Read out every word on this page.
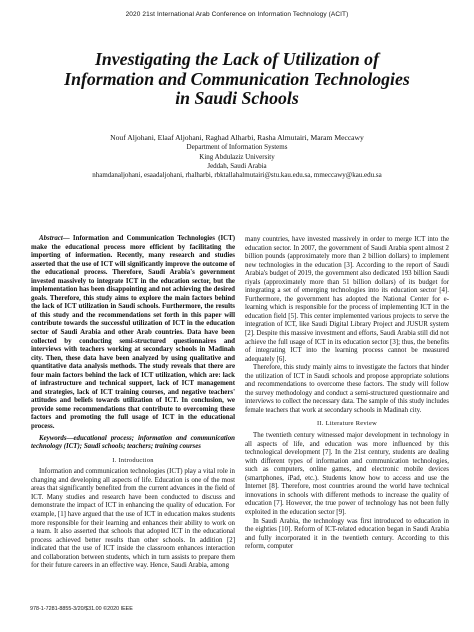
2020 21st International Arab Conference on Information Technology (ACIT)
Investigating the Lack of Utilization of
Information and Communication Technologies
in Saudi Schools
Nouf Aljohani, Elaaf Aljohani, Raghad Alharbi, Rasha Almutairi, Maram Meccawy
Department of Information Systems
King Abdulaziz University
Jeddah, Saudi Arabia
nhamdanaljohani, esaadaljohani, rhalharbi, rbktallahalmutairi@stu.kau.edu.sa, mmeccawy@kau.edu.sa

Abstract— Information and Communication Technologies (ICT) make the educational process more efficient by facilitating the importing of information. Recently, many research and studies asserted that the use of ICT will significantly improve the outcome of the educational process. Therefore, Saudi Arabia's government invested massively to integrate ICT in the education sector, but the implementation has been disappointing and not achieving the desired goals. Therefore, this study aims to explore the main factors behind the lack of ICT utilization in Saudi schools. Furthermore, the results of this study and the recommendations set forth in this paper will contribute towards the successful utilization of ICT in the education sector of Saudi Arabia and other Arab countries. Data have been collected by conducting semi-structured questionnaires and interviews with teachers working at secondary schools in Madinah city. Then, these data have been analyzed by using qualitative and quantitative data analysis methods. The study reveals that there are four main factors behind the lack of ICT utilization, which are: lack of infrastructure and technical support, lack of ICT management and strategies, lack of ICT training courses, and negative teachers' attitudes and beliefs towards utilization of ICT. In conclusion, we provide some recommendations that contribute to overcoming these factors and promoting the full usage of ICT in the educational process.

Keywords—educational process; information and communication technology (ICT); Saudi schools; teachers; training courses

I. Introduction

Information and communication technologies (ICT) play a vital role in changing and developing all aspects of life. Education is one of the most areas that significantly benefited from the current advances in the field of ICT. Many studies and research have been conducted to discuss and demonstrate the impact of ICT in enhancing the quality of education. For example, [1] have argued that the use of ICT in education makes students more responsible for their learning and enhances their ability to work on a team. It also asserted that schools that adopted ICT in the educational process achieved better results than other schools. In addition [2] indicated that the use of ICT inside the classroom enhances interaction and collaboration between students, which in turn assists to prepare them for their future careers in an effective way. Hence, Saudi Arabia, among

many countries, have invested massively in order to merge ICT into the education sector. In 2007, the government of Saudi Arabia spent almost 2 billion pounds (approximately more than 2 billion dollars) to implement new technologies in the education [3]. According to the report of Saudi Arabia's budget of 2019, the government also dedicated 193 billion Saudi riyals (approximately more than 51 billion dollars) of its budget for integrating a set of emerging technologies into its education sector [4]. Furthermore, the government has adopted the National Center for e-learning which is responsible for the process of implementing ICT in the education field [5]. This center implemented various projects to serve the integration of ICT, like Saudi Digital Library Project and JUSUR system [2]. Despite this massive investment and efforts, Saudi Arabia still did not achieve the full usage of ICT in its education sector [3]; thus, the benefits of integrating ICT into the learning process cannot be measured adequately [6].

Therefore, this study mainly aims to investigate the factors that hinder the utilization of ICT in Saudi schools and propose appropriate solutions and recommendations to overcome these factors. The study will follow the survey methodology and conduct a semi-structured questionnaire and interviews to collect the necessary data. The sample of this study includes female teachers that work at secondary schools in Madinah city.

II. Literature Review

The twentieth century witnessed major development in technology in all aspects of life, and education was more influenced by this technological development [7]. In the 21st century, students are dealing with different types of information and communication technologies, such as computers, online games, and electronic mobile devices (smartphones, iPad, etc.). Students know how to access and use the Internet [8]. Therefore, most countries around the world have technical innovations in schools with different methods to increase the quality of education [7]. However, the true power of technology has not been fully exploited in the education sector [9].

In Saudi Arabia, the technology was first introduced to education in the eighties [10]. Reform of ICT-related education began in Saudi Arabia and fully incorporated it in the twentieth century. According to this reform, computer

978-1-7281-8855-3/20/$31.00 ©2020 IEEE
